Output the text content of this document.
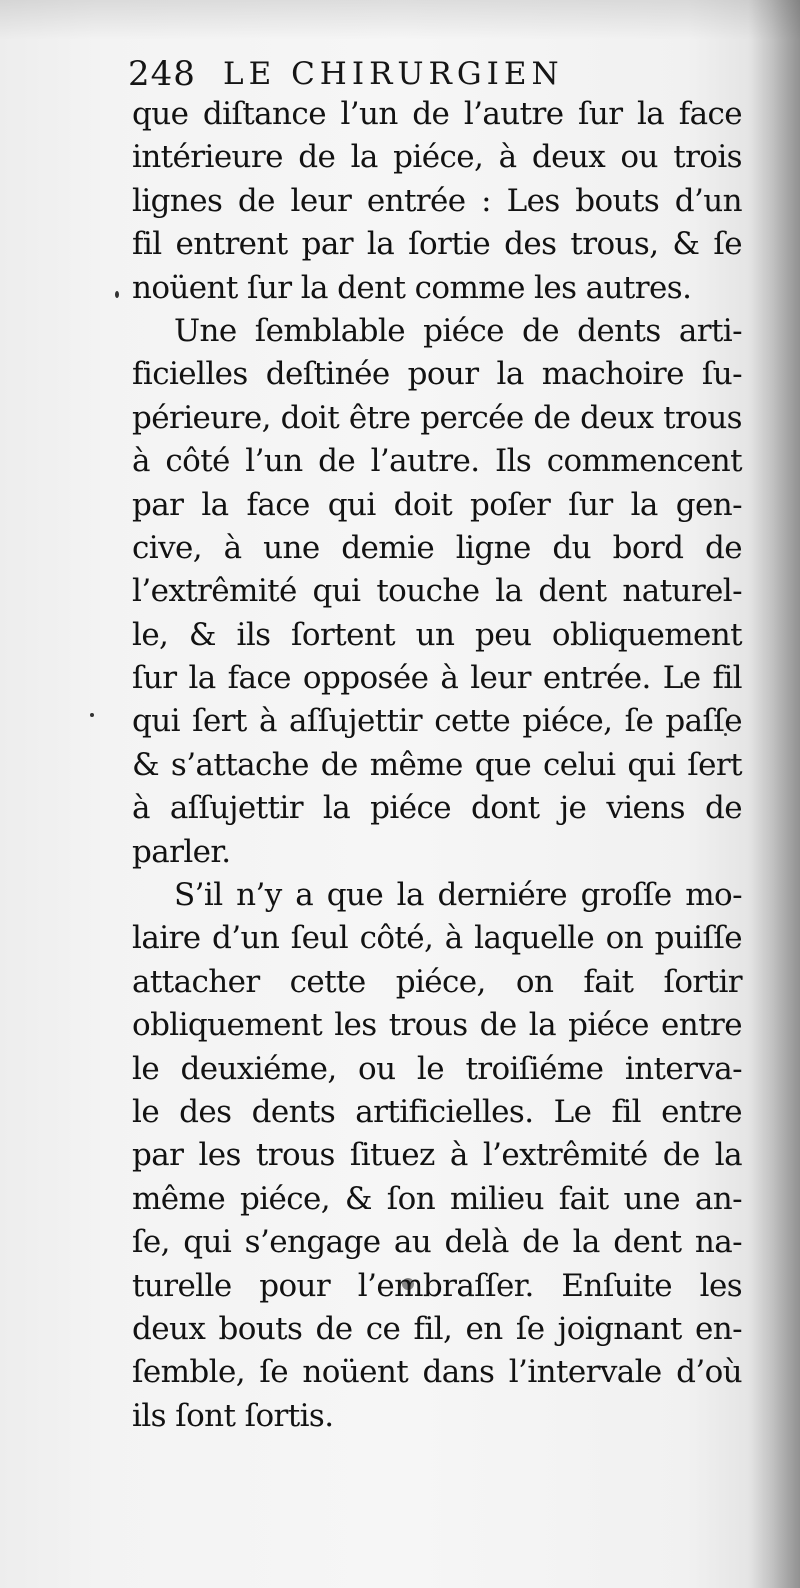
248 LE CHIRURGIEN
que diſtance l’un de l’autre ſur la face
intérieure de la piéce, à deux ou trois
lignes de leur entrée : Les bouts d’un
fil entrent par la ſortie des trous, & ſe
noüent ſur la dent comme les autres.
Une ſemblable piéce de dents arti-
ficielles deſtinée pour la machoire ſu-
périeure, doit être percée de deux trous
à côté l’un de l’autre. Ils commencent
par la face qui doit poſer ſur la gen-
cive, à une demie ligne du bord de
l’extrêmité qui touche la dent naturel-
le, & ils ſortent un peu obliquement
ſur la face opposée à leur entrée. Le fil
qui ſert à aſſujettir cette piéce, ſe paſſe
& s’attache de même que celui qui ſert
à aſſujettir la piéce dont je viens de
parler.
S’il n’y a que la derniére groſſe mo-
laire d’un ſeul côté, à laquelle on puiſſe
attacher cette piéce, on fait ſortir
obliquement les trous de la piéce entre
le deuxiéme, ou le troiſiéme interva-
le des dents artificielles. Le fil entre
par les trous ſituez à l’extrêmité de la
même piéce, & ſon milieu fait une an-
ſe, qui s’engage au delà de la dent na-
turelle pour l’embraſſer. Enſuite les
deux bouts de ce fil, en ſe joignant en-
ſemble, ſe noüent dans l’intervale d’où
ils ſont ſortis.
